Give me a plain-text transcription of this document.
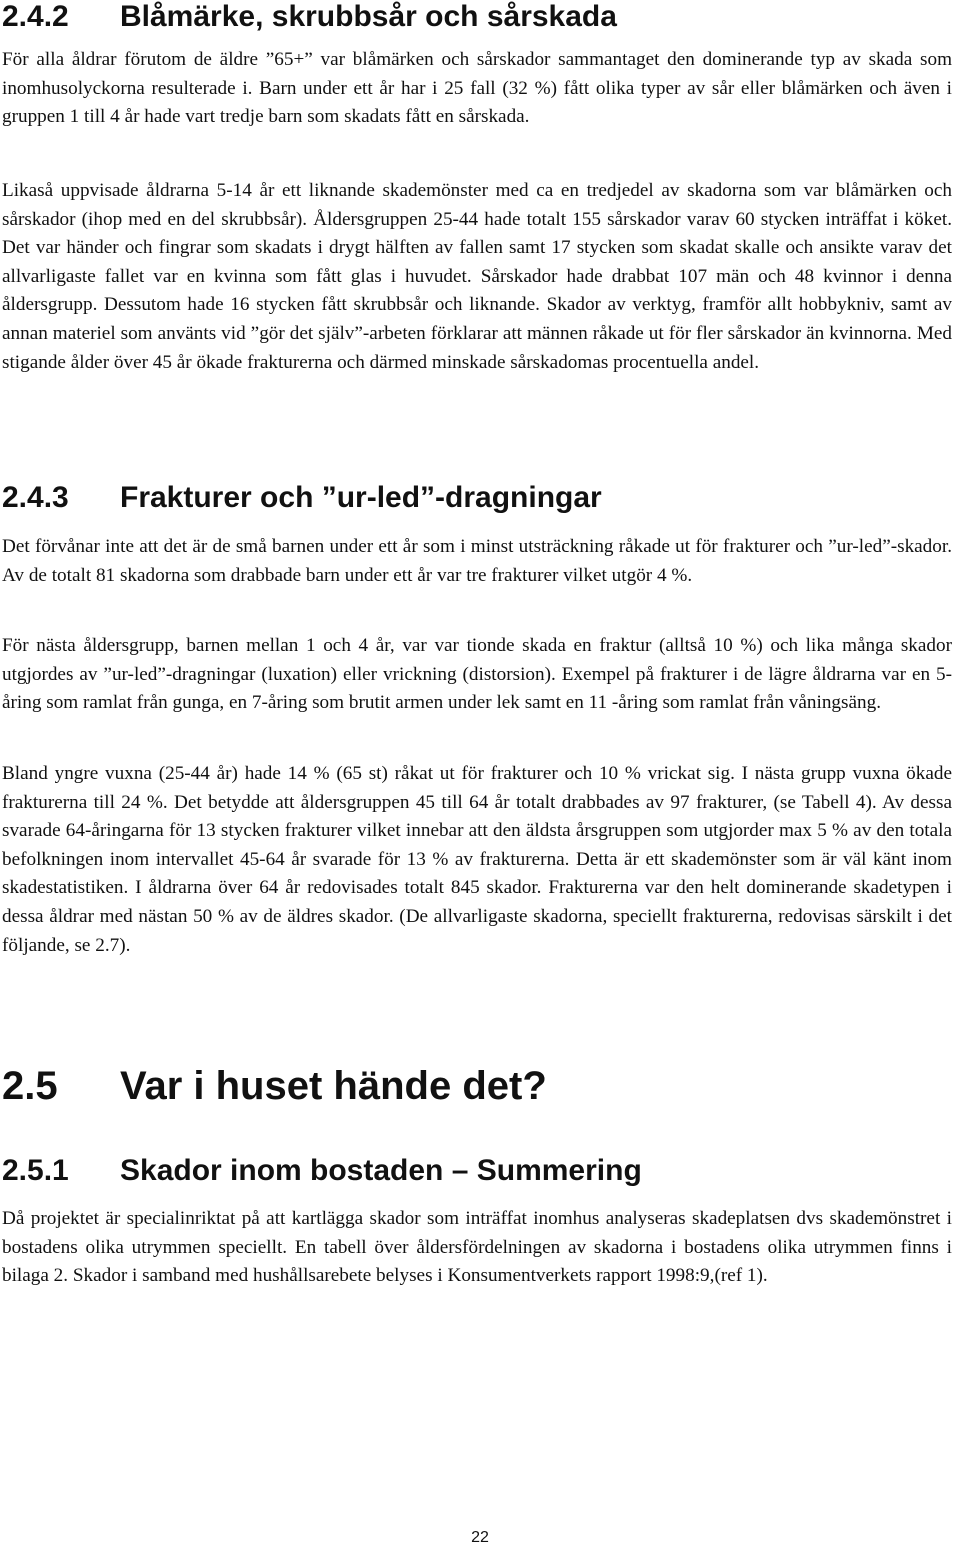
2.4.2 Blåmärke, skrubbsår och sårskada

För alla åldrar förutom de äldre ”65+” var blåmärken och sårskador sammantaget den dominerande typ av skada som inomhusolyckorna resulterade i. Barn under ett år har i 25 fall (32 %) fått olika typer av sår eller blåmärken och även i gruppen 1 till 4 år hade vart tredje barn som skadats fått en sårskada.

Likaså uppvisade åldrarna 5-14 år ett liknande skademönster med ca en tredjedel av skadorna som var blåmärken och sårskador (ihop med en del skrubbsår). Åldersgruppen 25-44 hade totalt 155 sårskador varav 60 stycken inträffat i köket. Det var händer och fingrar som skadats i drygt hälften av fallen samt 17 stycken som skadat skalle och ansikte varav det allvarligaste fallet var en kvinna som fått glas i huvudet. Sårskador hade drabbat 107 män och 48 kvinnor i denna åldersgrupp. Dessutom hade 16 stycken fått skrubbsår och liknande. Skador av verktyg, framför allt hobbykniv, samt av annan materiel som använts vid ”gör det själv”-arbeten förklarar att männen råkade ut för fler sårskador än kvinnorna. Med stigande ålder över 45 år ökade frakturerna och därmed minskade sårskadomas procentuella andel.

2.4.3 Frakturer och ”ur-led”-dragningar

Det förvånar inte att det är de små barnen under ett år som i minst utsträckning råkade ut för frakturer och ”ur-led”-skador. Av de totalt 81 skadorna som drabbade barn under ett år var tre frakturer vilket utgör 4 %.

För nästa åldersgrupp, barnen mellan 1 och 4 år, var var tionde skada en fraktur (alltså 10 %) och lika många skador utgjordes av ”ur-led”-dragningar (luxation) eller vrickning (distorsion). Exempel på frakturer i de lägre åldrarna var en 5-åring som ramlat från gunga, en 7-åring som brutit armen under lek samt en 11 -åring som ramlat från våningsäng.

Bland yngre vuxna (25-44 år) hade 14 % (65 st) råkat ut för frakturer och 10 % vrickat sig. I nästa grupp vuxna ökade frakturerna till 24 %. Det betydde att åldersgruppen 45 till 64 år totalt drabbades av 97 frakturer, (se Tabell 4). Av dessa svarade 64-åringarna för 13 stycken frakturer vilket innebar att den äldsta årsgruppen som utgjorder max 5 % av den totala befolkningen inom intervallet 45-64 år svarade för 13 % av frakturerna. Detta är ett skademönster som är väl känt inom skadestatistiken. I åldrarna över 64 år redovisades totalt 845 skador. Frakturerna var den helt dominerande skadetypen i dessa åldrar med nästan 50 % av de äldres skador. (De allvarligaste skadorna, speciellt frakturerna, redovisas särskilt i det följande, se 2.7).

2.5 Var i huset hände det?
2.5.1 Skador inom bostaden – Summering

Då projektet är specialinriktat på att kartlägga skador som inträffat inomhus analyseras skadeplatsen dvs skademönstret i bostadens olika utrymmen speciellt. En tabell över åldersfördelningen av skadorna i bostadens olika utrymmen finns i bilaga 2. Skador i samband med hushållsarebete belyses i Konsumentverkets rapport 1998:9,(ref 1).

22
